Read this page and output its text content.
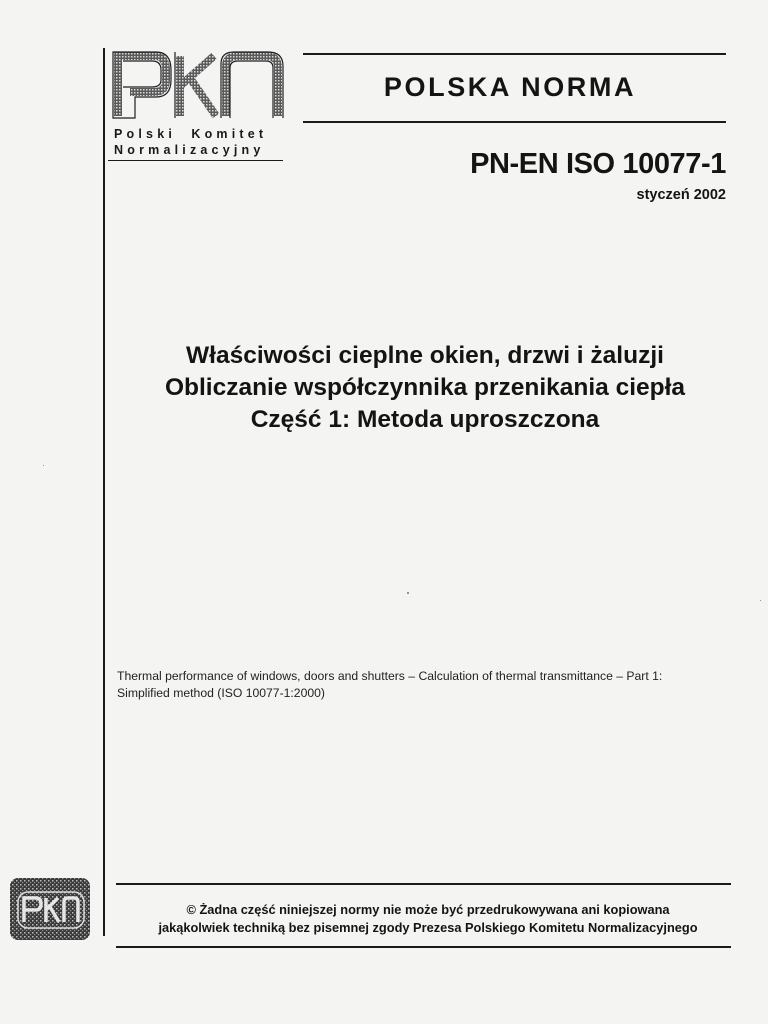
Polski  Komitet
Normalizacyjny
POLSKA NORMA
PN-EN ISO 10077-1
styczeń 2002
Właściwości cieplne okien, drzwi i żaluzji
Obliczanie współczynnika przenikania ciepła
Część 1: Metoda uproszczona
Thermal performance of windows, doors and shutters – Calculation of thermal transmittance – Part 1:
Simplified method (ISO 10077-1:2000)
© Żadna część niniejszej normy nie może być przedrukowywana ani kopiowana
jakąkolwiek techniką bez pisemnej zgody Prezesa Polskiego Komitetu Normalizacyjnego
